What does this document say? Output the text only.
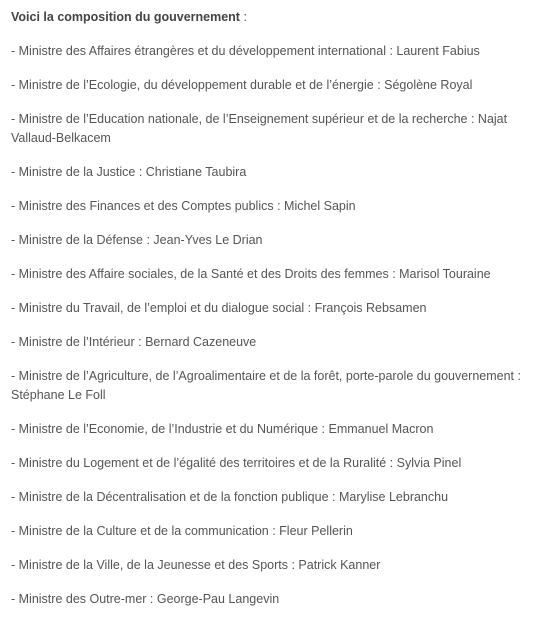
Voici la composition du gouvernement :

- Ministre des Affaires étrangères et du développement international : Laurent Fabius
- Ministre de l’Ecologie, du développement durable et de l’énergie : Ségolène Royal
- Ministre de l’Education nationale, de l’Enseignement supérieur et de la recherche : Najat Vallaud-Belkacem
- Ministre de la Justice : Christiane Taubira
- Ministre des Finances et des Comptes publics : Michel Sapin
- Ministre de la Défense : Jean-Yves Le Drian
- Ministre des Affaire sociales, de la Santé et des Droits des femmes : Marisol Touraine
- Ministre du Travail, de l’emploi et du dialogue social : François Rebsamen
- Ministre de l’Intérieur : Bernard Cazeneuve
- Ministre de l’Agriculture, de l’Agroalimentaire et de la forêt, porte-parole du gouvernement : Stéphane Le Foll
- Ministre de l’Economie, de l’Industrie et du Numérique : Emmanuel Macron
- Ministre du Logement et de l’égalité des territoires et de la Ruralité : Sylvia Pinel
- Ministre de la Décentralisation et de la fonction publique : Marylise Lebranchu
- Ministre de la Culture et de la communication : Fleur Pellerin
- Ministre de la Ville, de la Jeunesse et des Sports : Patrick Kanner
- Ministre des Outre-mer : George-Pau Langevin
